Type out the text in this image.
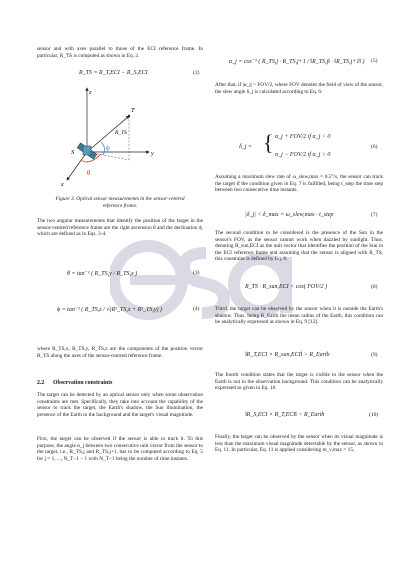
sensor and with axes parallel to those of the ECI reference frame. In particular, R_TS is computed as shown in Eq. 2.

R_TS = R_T,ECI − R_S,ECI	(2)
z
y
x
S
T
R_TS
θ
ϕ
Figure 3. Optical sensor measurements in the sensor-centred reference frame.

The two angular measurements that identify the position of the target in the sensor-centred reference frame are the right ascension θ and the declination ϕ, which are defined as in Eqs. 3-4.

θ = tan⁻¹ ( R_TS,y / R_TS,x )	(3)
ϕ = tan⁻¹ ( R_TS,z / √(R²_TS,x + R²_TS,y) )	(4)

where R_TS,x, R_TS,y, R_TS,z are the components of the position vector R_TS along the axes of the sensor-centred reference frame.

2.2 Observation constraints

The target can be detected by an optical sensor only when some observation constraints are met. Specifically, they take into account the capability of the sensor to track the target, the Earth's shadow, the Sun illumination, the presence of the Earth in the background and the target's visual magnitude.

First, the target can be observed if the sensor is able to track it. To this purpose, the angle α_j between two consecutive unit vector from the sensor to the target, i.e., R_TS,j and R_TS,j+1, has to be computed according to Eq. 5 for j = 1, ..., N_T−1 − 1 with N_T−1 being the number of time instants.

α_j = cos⁻¹ ( R_TS,j · R_TS,j+1 / ‖R_TS,j‖ · ‖R_TS,j+1‖ ) (5)

After that, if |α_j| > FOV/2, where FOV denotes the field of view of the sensor, the slew angle δ_j is calculated according to Eq. 6.

δ_j = { α_j + FOV/2 if α_j < 0
α_j − FOV/2 if α_j > 0
(6)

Assuming a maximum slew rate of ω_slew,max = 0.5°/s, the sensor can track the target if the condition given in Eq. 7 is fulfilled, being t_step the time step between two consecutive time instants.

|δ_j| < δ_max = ω_slew,max · t_step	(7)

The second condition to be considered is the presence of the Sun in the sensor's FOV, as the sensor cannot work when dazzled by sunlight. Thus, denoting R_sun,ECI as the unit vector that identifies the position of the Sun in the ECI reference frame and assuming that the sensor is aligned with R_TS, this constraint is defined by Eq. 8.

R_TS · R_sun,ECI < cos( FOV/2 )	(8)

Third, the target can be observed by the sensor when it is outside the Earth's shadow. Thus, being R_Earth the mean radius of the Earth, this condition can be analytically expressed as shown in Eq. 9 [12].

‖R_T,ECI × R_sun,ECI‖ > R_Earth	(9)

The fourth condition states that the target is visible to the sensor when the Earth is not in the observation background. This condition can be analytically expressed as given in Eq. 10.

‖R_S,ECI × R_T,ECI‖ < R_Earth	(10)

Finally, the target can be observed by the sensor when its visual magnitude is less than the maximum visual magnitude detectable by the sensor, as shown in Eq. 11. In particular, Eq. 11 is applied considering m_v,max = 15,
